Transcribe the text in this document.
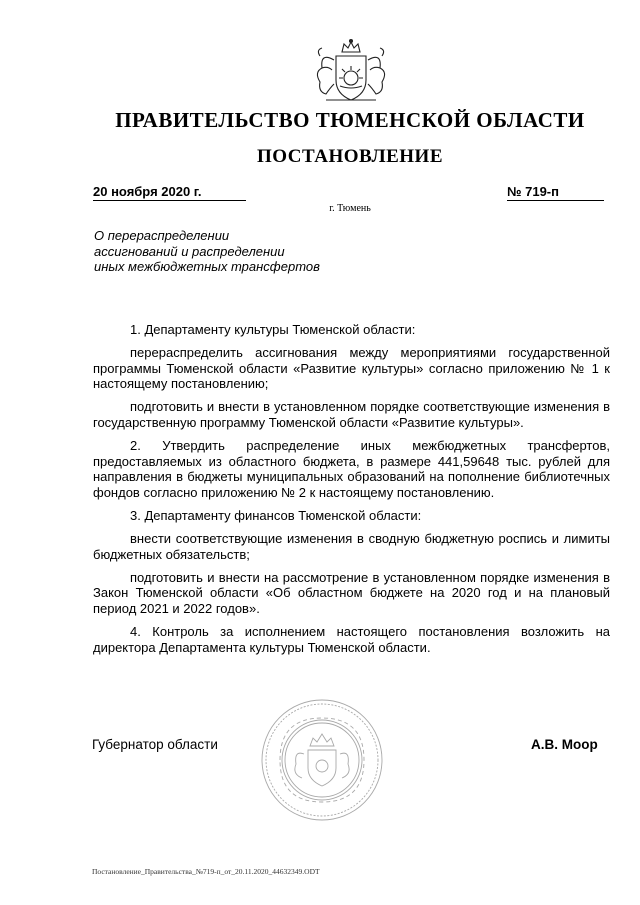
ПРАВИТЕЛЬСТВО ТЮМЕНСКОЙ ОБЛАСТИ
ПОСТАНОВЛЕНИЕ
20 ноября 2020 г.	№ 719-п
г. Тюмень
О перераспределении
ассигнований и распределении
иных межбюджетных трансфертов

1. Департаменту культуры Тюменской области:

перераспределить ассигнования между мероприятиями государственной программы Тюменской области «Развитие культуры» согласно приложению № 1 к настоящему постановлению;

подготовить и внести в установленном порядке соответствующие изменения в государственную программу Тюменской области «Развитие культуры».

2. Утвердить распределение иных межбюджетных трансфертов, предоставляемых из областного бюджета, в размере 441,59648 тыс. рублей для направления в бюджеты муниципальных образований на пополнение библиотечных фондов согласно приложению № 2 к настоящему постановлению.

3. Департаменту финансов Тюменской области:

внести соответствующие изменения в сводную бюджетную роспись и лимиты бюджетных обязательств;

подготовить и внести на рассмотрение в установленном порядке изменения в Закон Тюменской области «Об областном бюджете на 2020 год и на плановый период 2021 и 2022 годов».

4. Контроль за исполнением настоящего постановления возложить на директора Департамента культуры Тюменской области.

Губернатор области	А.В. Моор
Постановление_Правительства_№719-п_от_20.11.2020_44632349.ODT
